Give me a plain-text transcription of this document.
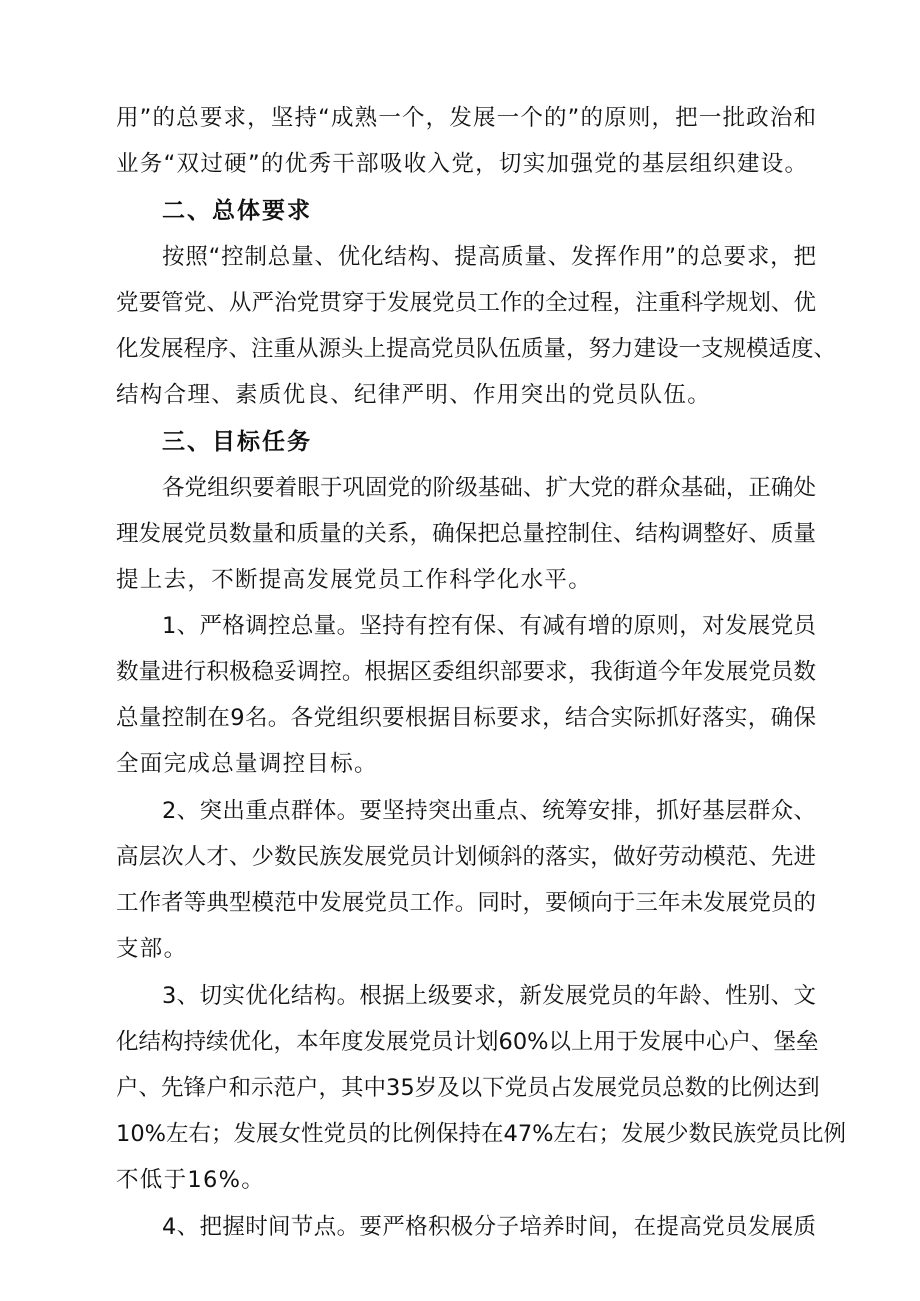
用”的总要求，坚持“成熟一个，发展一个的”的原则，把一批政治和
业务“双过硬”的优秀干部吸收入党，切实加强党的基层组织建设。
二、总体要求
按照“控制总量、优化结构、提高质量、发挥作用”的总要求，把
党要管党、从严治党贯穿于发展党员工作的全过程，注重科学规划、优
化发展程序、注重从源头上提高党员队伍质量，努力建设一支规模适度、
结构合理、素质优良、纪律严明、作用突出的党员队伍。
三、目标任务
各党组织要着眼于巩固党的阶级基础、扩大党的群众基础，正确处
理发展党员数量和质量的关系，确保把总量控制住、结构调整好、质量
提上去，不断提高发展党员工作科学化水平。
1、严格调控总量。坚持有控有保、有减有增的原则，对发展党员
数量进行积极稳妥调控。根据区委组织部要求，我街道今年发展党员数
总量控制在9名。各党组织要根据目标要求，结合实际抓好落实，确保
全面完成总量调控目标。
2、突出重点群体。要坚持突出重点、统筹安排，抓好基层群众、
高层次人才、少数民族发展党员计划倾斜的落实，做好劳动模范、先进
工作者等典型模范中发展党员工作。同时，要倾向于三年未发展党员的
支部。
3、切实优化结构。根据上级要求，新发展党员的年龄、性别、文
化结构持续优化，本年度发展党员计划60%以上用于发展中心户、堡垒
户、先锋户和示范户，其中35岁及以下党员占发展党员总数的比例达到
10%左右；发展女性党员的比例保持在47%左右；发展少数民族党员比例
不低于16%。
4、把握时间节点。要严格积极分子培养时间，在提高党员发展质
